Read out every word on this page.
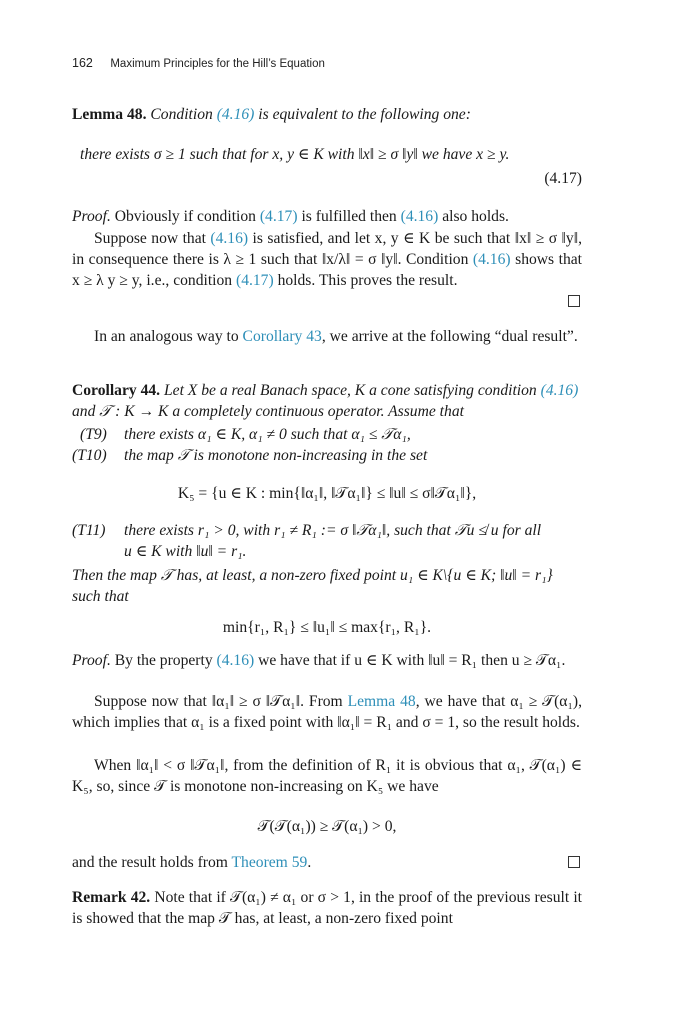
162 Maximum Principles for the Hill’s Equation
Lemma 48. Condition (4.16) is equivalent to the following one:
there exists σ ≥ 1 such that for x, y ∈ K with ‖x‖ ≥ σ ‖y‖ we have x ≥ y.
(4.17)
Proof. Obviously if condition (4.17) is fulfilled then (4.16) also holds.
Suppose now that (4.16) is satisfied, and let x, y ∈ K be such that ‖x‖ ≥ σ ‖y‖, in consequence there is λ ≥ 1 such that ‖x/λ‖ = σ ‖y‖. Condition (4.16) shows that x ≥ λ y ≥ y, i.e., condition (4.17) holds. This proves the result.
In an analogous way to Corollary 43, we arrive at the following “dual result”.
Corollary 44. Let X be a real Banach space, K a cone satisfying condition (4.16) and 𝒯 : K → K a completely continuous operator. Assume that
(T9) there exists α₁ ∈ K, α₁ ≠ 0 such that α₁ ≤ 𝒯α₁,
(T10) the map 𝒯 is monotone non-increasing in the set
K₅ = {u ∈ K : min{‖α₁‖, ‖𝒯α₁‖} ≤ ‖u‖ ≤ σ‖𝒯α₁‖},
(T11) there exists r₁ > 0, with r₁ ≠ R₁ := σ ‖𝒯α₁‖, such that 𝒯u ≰ u for all
u ∈ K with ‖u‖ = r₁.
Then the map 𝒯 has, at least, a non-zero fixed point u₁ ∈ K\{u ∈ K; ‖u‖ = r₁}
such that
min{r₁, R₁} ≤ ‖u₁‖ ≤ max{r₁, R₁}.
Proof. By the property (4.16) we have that if u ∈ K with ‖u‖ = R₁ then u ≥ 𝒯α₁.
Suppose now that ‖α₁‖ ≥ σ ‖𝒯α₁‖. From Lemma 48, we have that α₁ ≥ 𝒯(α₁), which implies that α₁ is a fixed point with ‖α₁‖ = R₁ and σ = 1, so the result holds.
When ‖α₁‖ < σ ‖𝒯α₁‖, from the definition of R₁ it is obvious that α₁, 𝒯(α₁) ∈ K₅, so, since 𝒯 is monotone non-increasing on K₅ we have
𝒯(𝒯(α₁)) ≥ 𝒯(α₁) > 0,
and the result holds from Theorem 59.
Remark 42. Note that if 𝒯(α₁) ≠ α₁ or σ > 1, in the proof of the previous result it is showed that the map 𝒯 has, at least, a non-zero fixed point
